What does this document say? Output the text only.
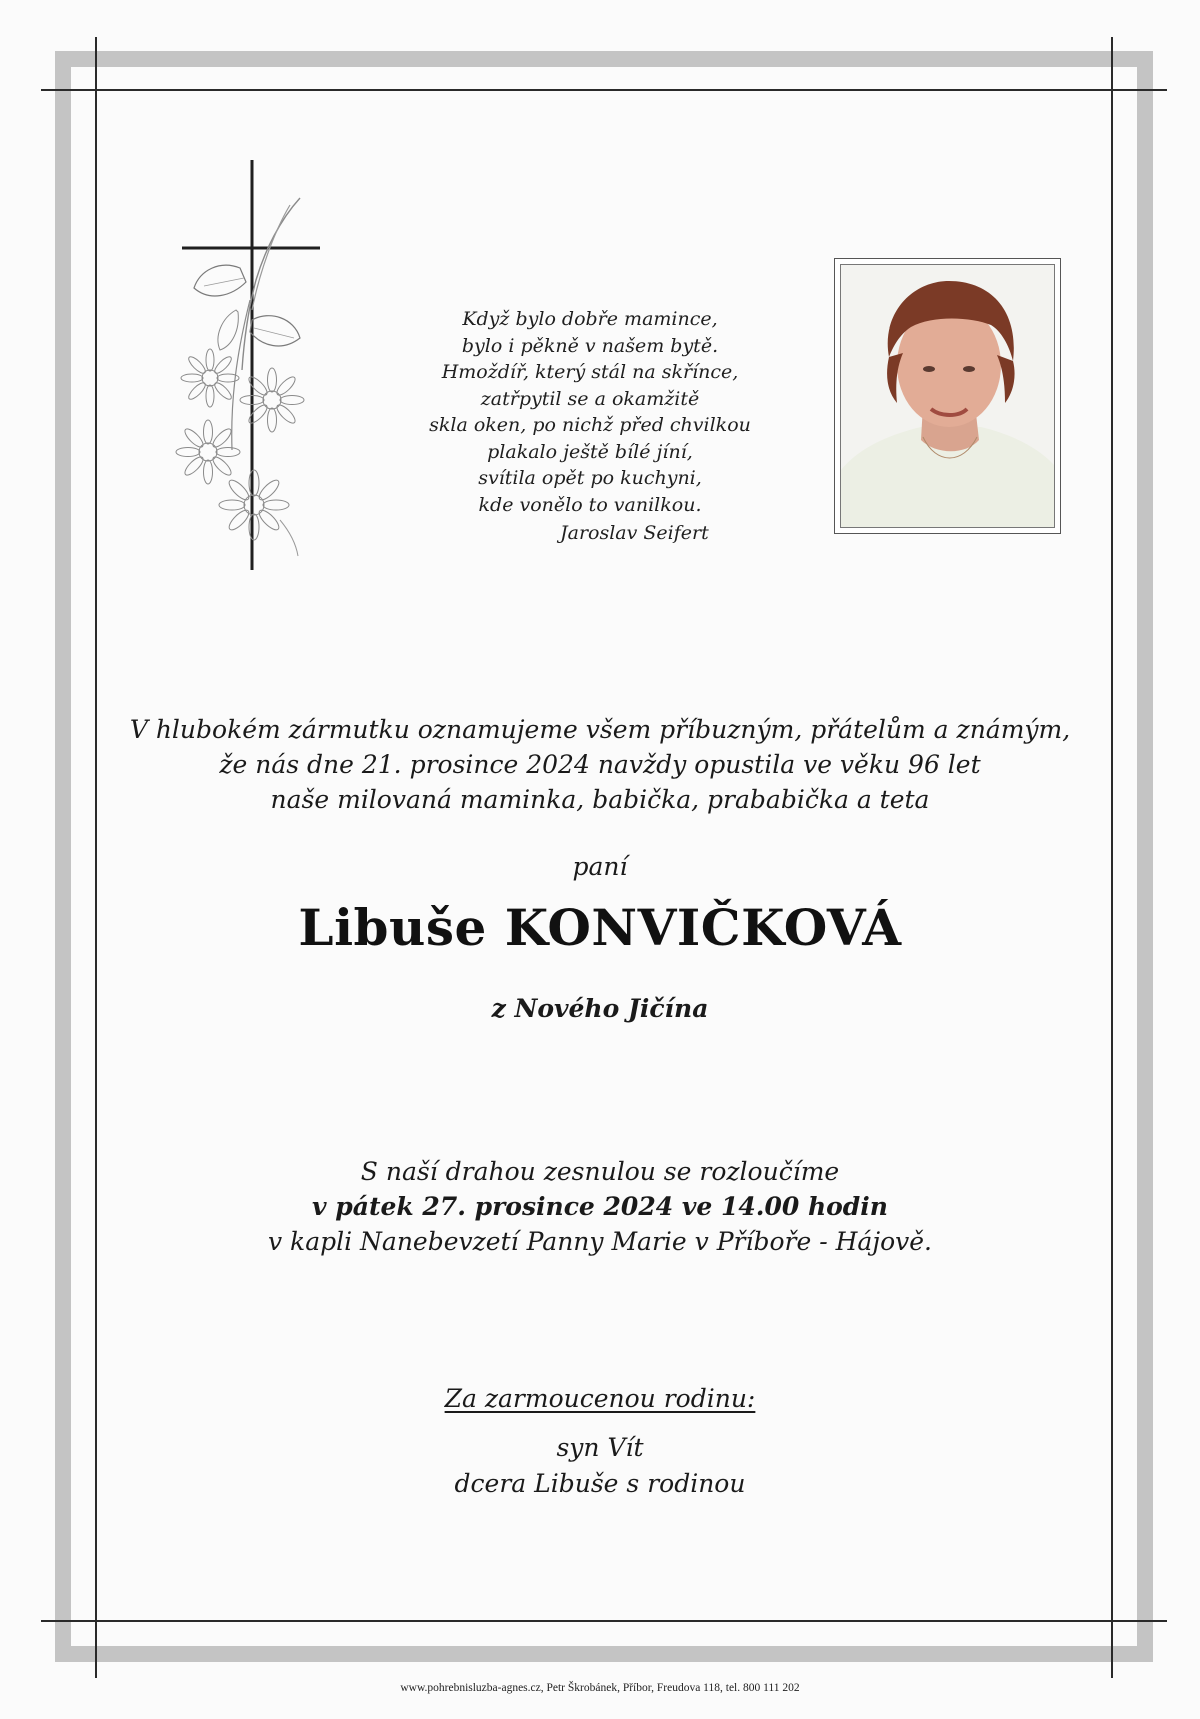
Když bylo dobře mamince,
bylo i pěkně v našem bytě.
Hmoždíř, který stál na skřínce,
zatřpytil se a okamžitě
skla oken, po nichž před chvilkou
plakalo ještě bílé jíní,
svítila opět po kuchyni,
kde vonělo to vanilkou.
Jaroslav Seifert
V hlubokém zármutku oznamujeme všem příbuzným, přátelům a známým,
že nás dne 21. prosince 2024 navždy opustila ve věku 96 let
naše milovaná maminka, babička, prababička a teta
paní
Libuše KONVIČKOVÁ
z Nového Jičína
S naší drahou zesnulou se rozloučíme
v pátek 27. prosince 2024 ve 14.00 hodin
v kapli Nanebevzetí Panny Marie v Příboře - Hájově.
Za zarmoucenou rodinu:
syn Vít
dcera Libuše s rodinou
www.pohrebnisluzba-agnes.cz, Petr Škrobánek, Příbor, Freudova 118, tel. 800 111 202
